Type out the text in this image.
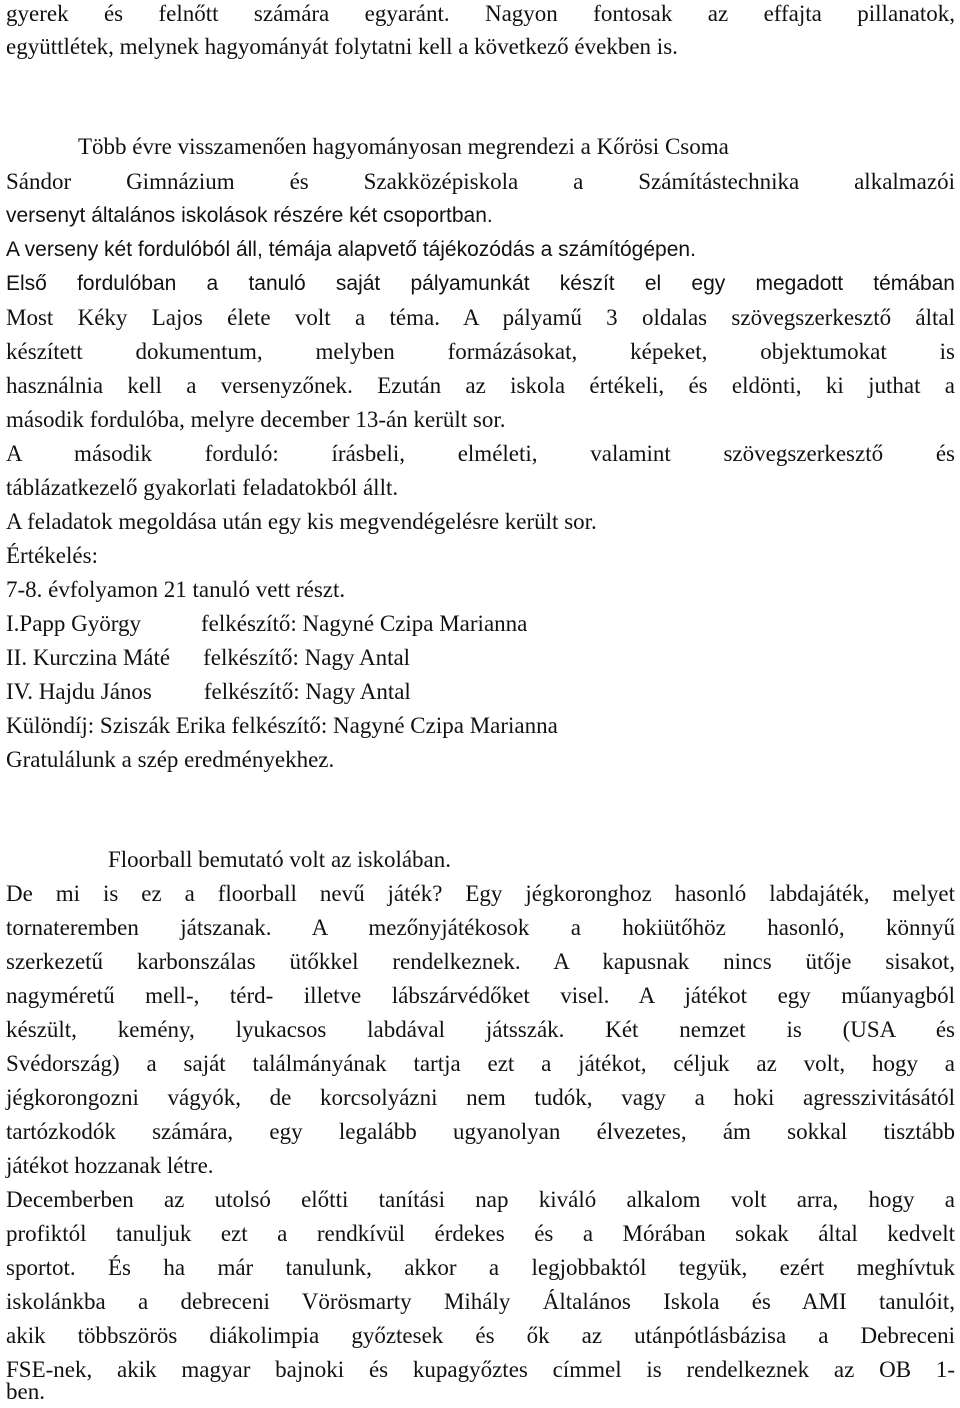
gyerek és felnőtt számára egyaránt. Nagyon fontosak az effajta pillanatok,
együttlétek, melynek hagyományát folytatni kell a következő években is.
Több évre visszamenően hagyományosan megrendezi a Kőrösi Csoma
Sándor Gimnázium és Szakközépiskola a Számítástechnika alkalmazói
versenyt általános iskolások részére két csoportban.
A verseny két fordulóból áll, témája alapvető tájékozódás a számítógépen.
Első fordulóban a tanuló saját pályamunkát készít el egy megadott témában
Most Kéky Lajos élete volt a téma. A pályamű 3 oldalas szövegszerkesztő által
készített dokumentum, melyben formázásokat, képeket, objektumokat is
használnia kell a versenyzőnek. Ezután az iskola értékeli, és eldönti, ki juthat a
második fordulóba, melyre december 13-án került sor.
A második forduló: írásbeli, elméleti, valamint szövegszerkesztő és
táblázatkezelő gyakorlati feladatokból állt.
A feladatok megoldása után egy kis megvendégelésre került sor.
Értékelés:
7-8. évfolyamon 21 tanuló vett részt.
I.Papp György	felkészítő: Nagyné Czipa Marianna
II. Kurczina Máté felkészítő: Nagy Antal
IV. Hajdu János felkészítő: Nagy Antal
Különdíj: Sziszák Erika felkészítő: Nagyné Czipa Marianna
Gratulálunk a szép eredményekhez.
Floorball bemutató volt az iskolában.
De mi is ez a floorball nevű játék? Egy jégkoronghoz hasonló labdajáték, melyet
tornateremben játszanak. A mezőnyjátékosok a hokiütőhöz hasonló, könnyű
szerkezetű karbonszálas ütőkkel rendelkeznek. A kapusnak nincs ütője sisakot,
nagyméretű mell-, térd- illetve lábszárvédőket visel. A játékot egy műanyagból
készült, kemény, lyukacsos labdával játsszák. Két nemzet is (USA és
Svédország) a saját találmányának tartja ezt a játékot, céljuk az volt, hogy a
jégkorongozni vágyók, de korcsolyázni nem tudók, vagy a hoki agresszivitásától
tartózkodók számára, egy legalább ugyanolyan élvezetes, ám sokkal tisztább
játékot hozzanak létre.
Decemberben az utolsó előtti tanítási nap kiváló alkalom volt arra, hogy a
profiktól tanuljuk ezt a rendkívül érdekes és a Mórában sokak által kedvelt
sportot. És ha már tanulunk, akkor a legjobbaktól tegyük, ezért meghívtuk
iskolánkba a debreceni Vörösmarty Mihály Általános Iskola és AMI tanulóit,
akik többszörös diákolimpia győztesek és ők az utánpótlásbázisa a Debreceni
FSE-nek, akik magyar bajnoki és kupagyőztes címmel is rendelkeznek az OB 1-
ben.
